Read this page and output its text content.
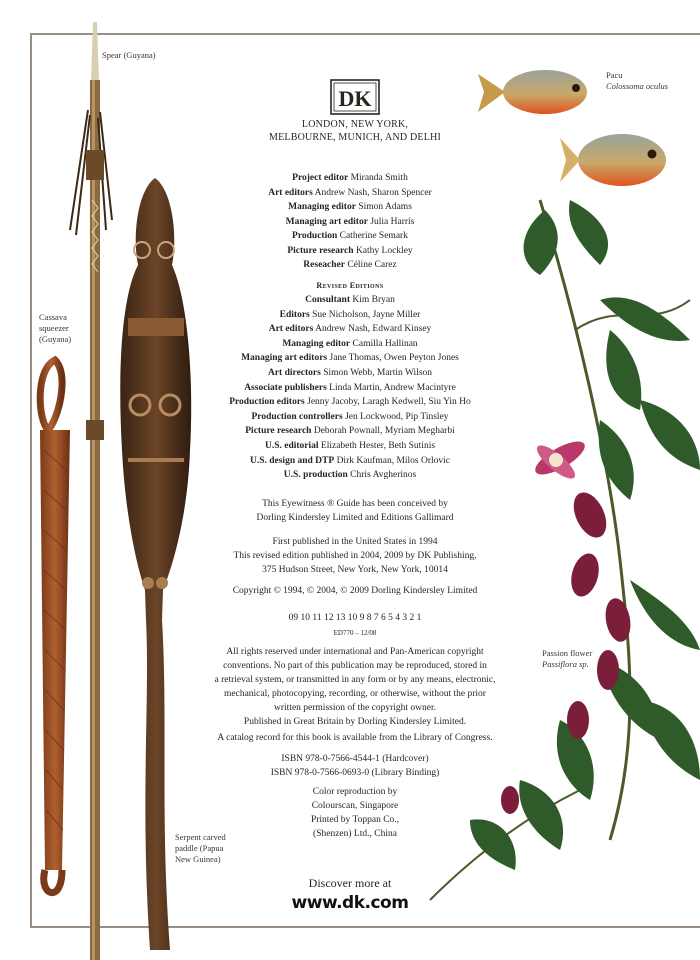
Spear (Guyana)
Cassava
squeezer
(Guyana)
Pacu
Colossoma oculus
Passion flower
Passiflora sp.
Serpent carved
paddle (Papua
New Guinea)
DK
LONDON, NEW YORK,
MELBOURNE, MUNICH, AND DELHI
Project editor Miranda Smith
Art editors Andrew Nash, Sharon Spencer
Managing editor Simon Adams
Managing art editor Julia Harris
Production Catherine Semark
Picture research Kathy Lockley
Reseacher Céline Carez
Revised Editions
Consultant Kim Bryan
Editors Sue Nicholson, Jayne Miller
Art editors Andrew Nash, Edward Kinsey
Managing editor Camilla Hallinan
Managing art editors Jane Thomas, Owen Peyton Jones
Art directors Simon Webb, Martin Wilson
Associate publishers Linda Martin, Andrew Macintyre
Production editors Jenny Jacoby, Laragh Kedwell, Siu Yin Ho
Production controllers Jen Lockwood, Pip Tinsley
Picture research Deborah Pownall, Myriam Megharbi
U.S. editorial Elizabeth Hester, Beth Sutinis
U.S. design and DTP Dirk Kaufman, Milos Orlovic
U.S. production Chris Avgherinos
This Eyewitness ® Guide has been conceived by
Dorling Kindersley Limited and Editions Gallimard
First published in the United States in 1994
This revised edition published in 2004, 2009 by DK Publishing,
375 Hudson Street, New York, New York, 10014
Copyright © 1994, © 2004, © 2009 Dorling Kindersley Limited
09 10 11 12 13 10 9 8 7 6 5 4 3 2 1
ED770 – 12/08
All rights reserved under international and Pan-American copyright
conventions. No part of this publication may be reproduced, stored in
a retrieval system, or transmitted in any form or by any means, electronic,
mechanical, photocopying, recording, or otherwise, without the prior
written permission of the copyright owner.
Published in Great Britain by Dorling Kindersley Limited.
A catalog record for this book is available from the Library of Congress.
ISBN 978-0-7566-4544-1 (Hardcover)
ISBN 978-0-7566-0693-0 (Library Binding)
Color reproduction by
Colourscan, Singapore
Printed by Toppan Co.,
(Shenzen) Ltd., China
Discover more at
www.dk.com
